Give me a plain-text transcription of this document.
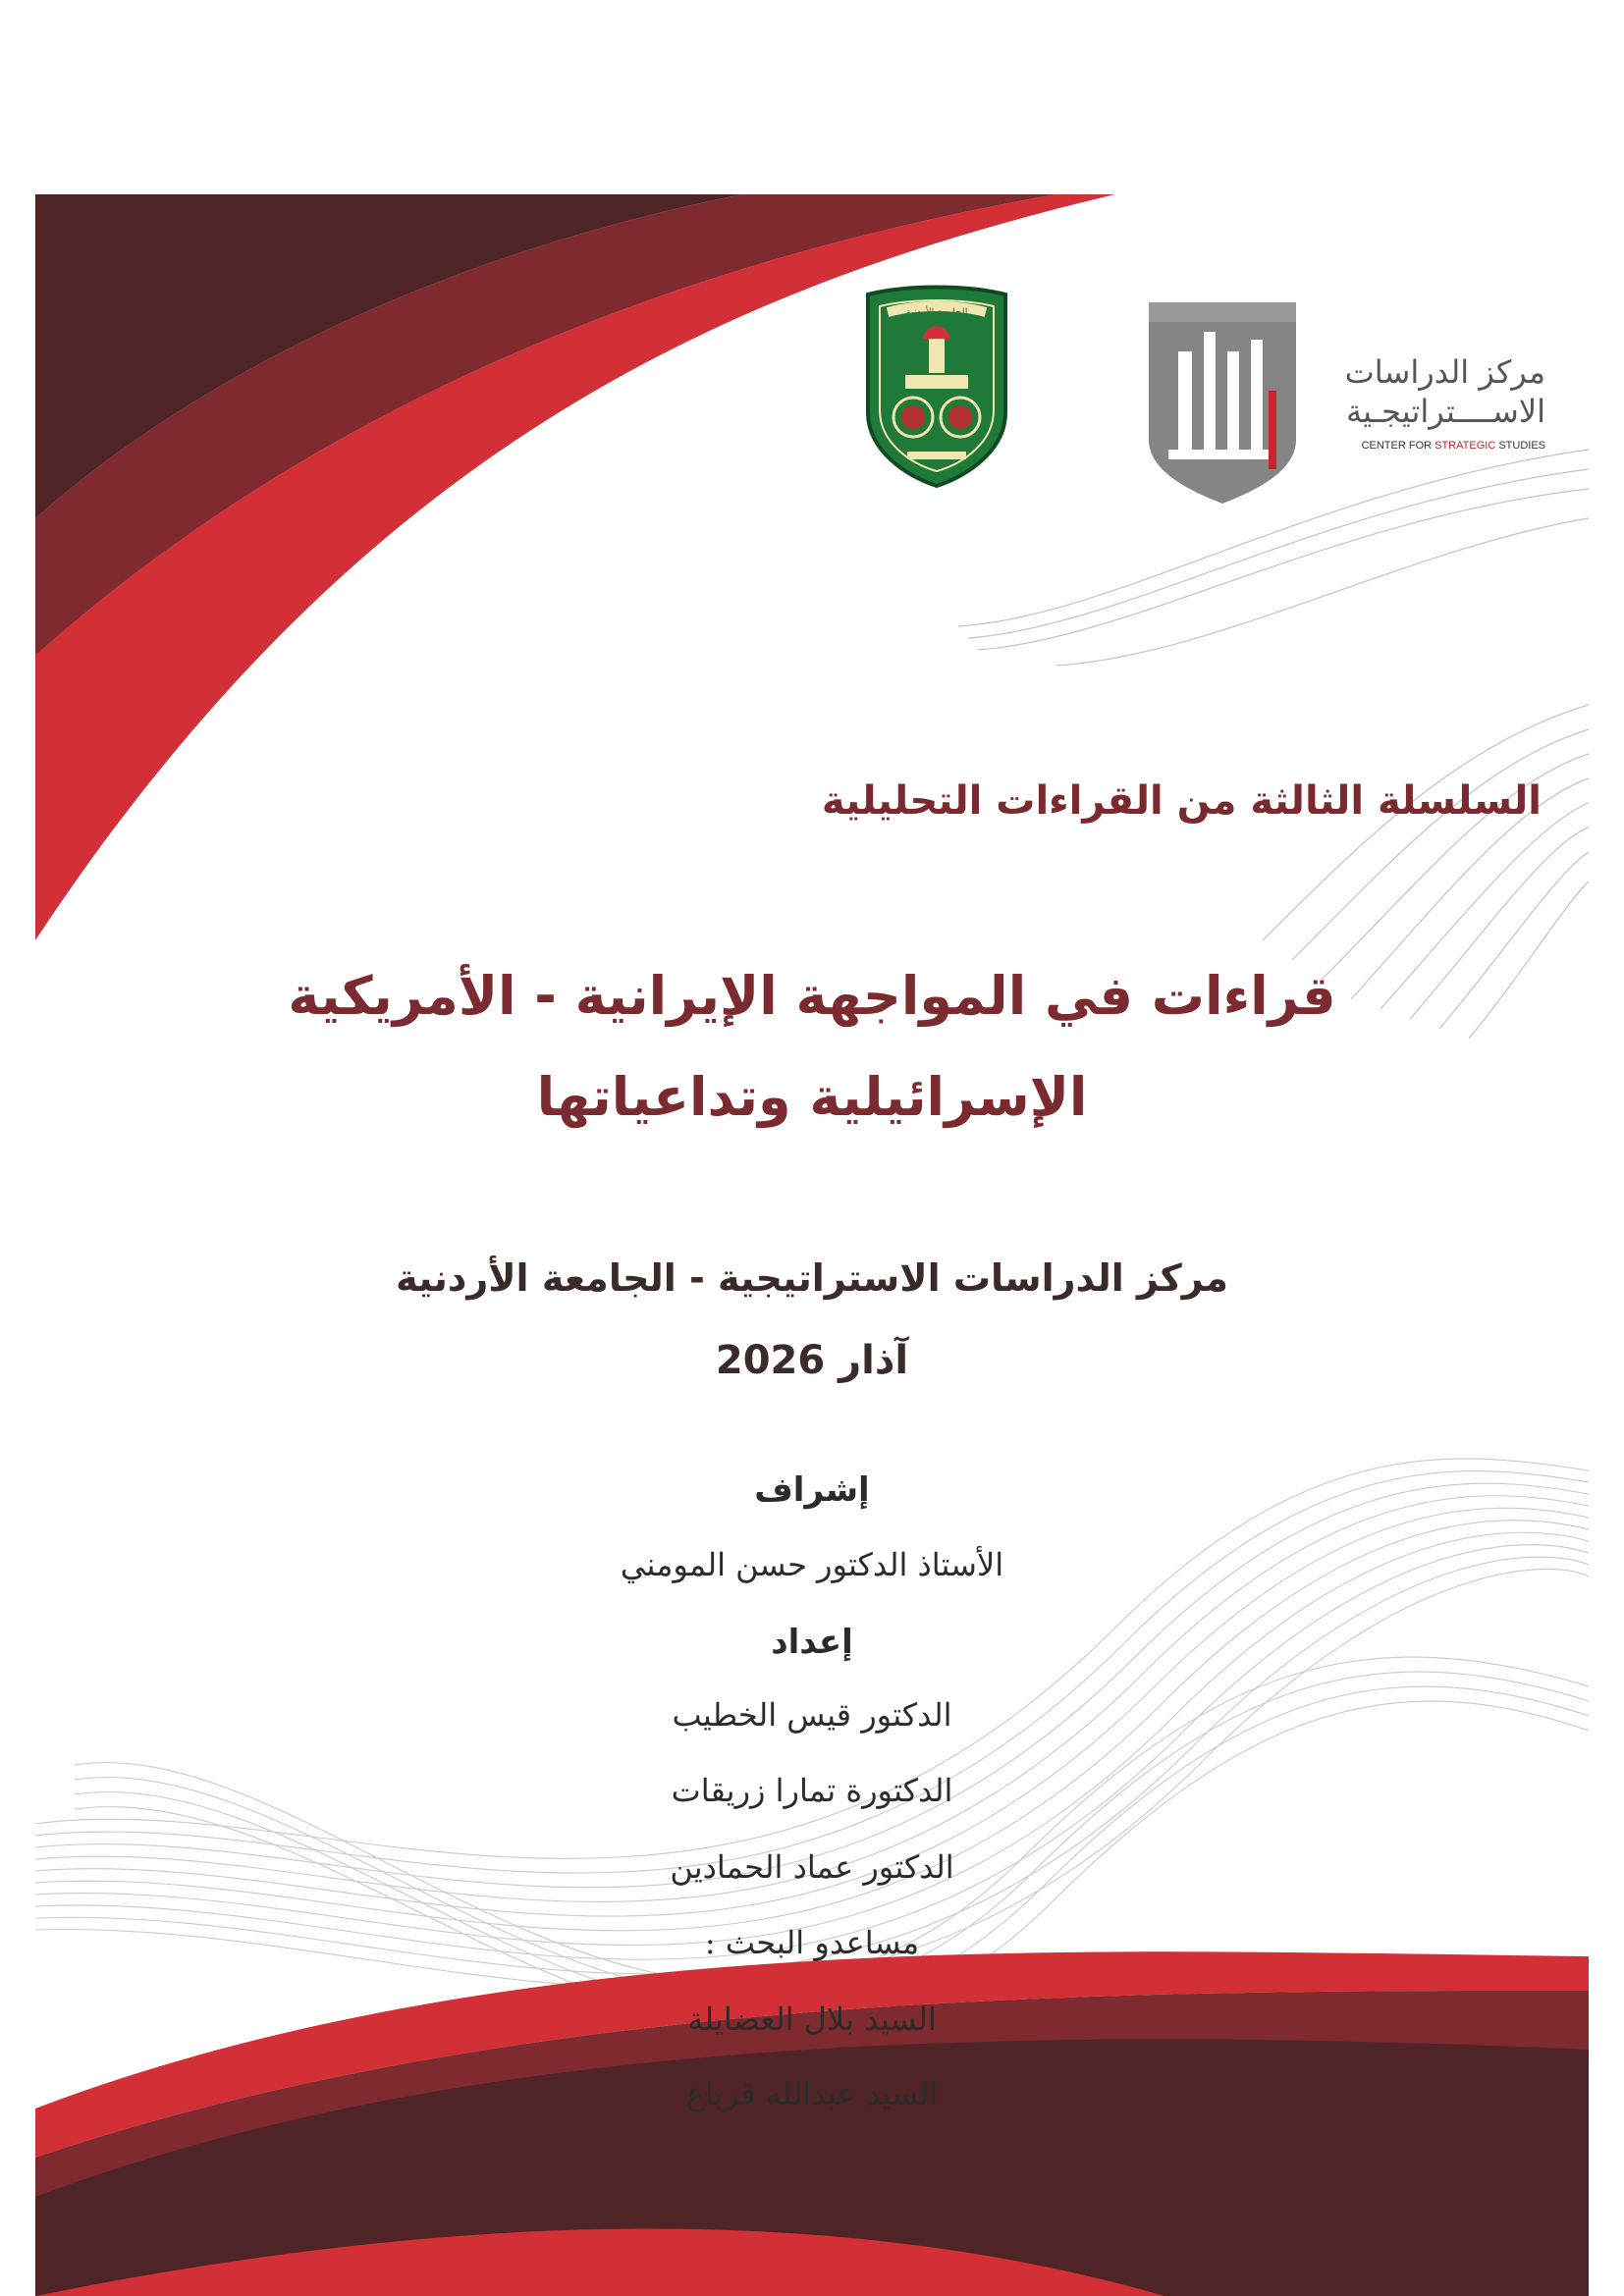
الجامعة الأردنية
مركز الدراسات
الاســــتراتيجـية
CENTER FOR STRATEGIC STUDIES
السلسلة الثالثة من القراءات التحليلية
قراءات في المواجهة الإيرانية - الأمريكية
الإسرائيلية وتداعياتها
مركز الدراسات الاستراتيجية - الجامعة الأردنية
آذار 2026
إشراف
الأستاذ الدكتور حسن المومني
إعداد
الدكتور قيس الخطيب
الدكتورة تمارا زريقات
الدكتور عماد الحمادين
مساعدو البحث :
السيد بلال العضايلة
السيد عبدالله قرباع
